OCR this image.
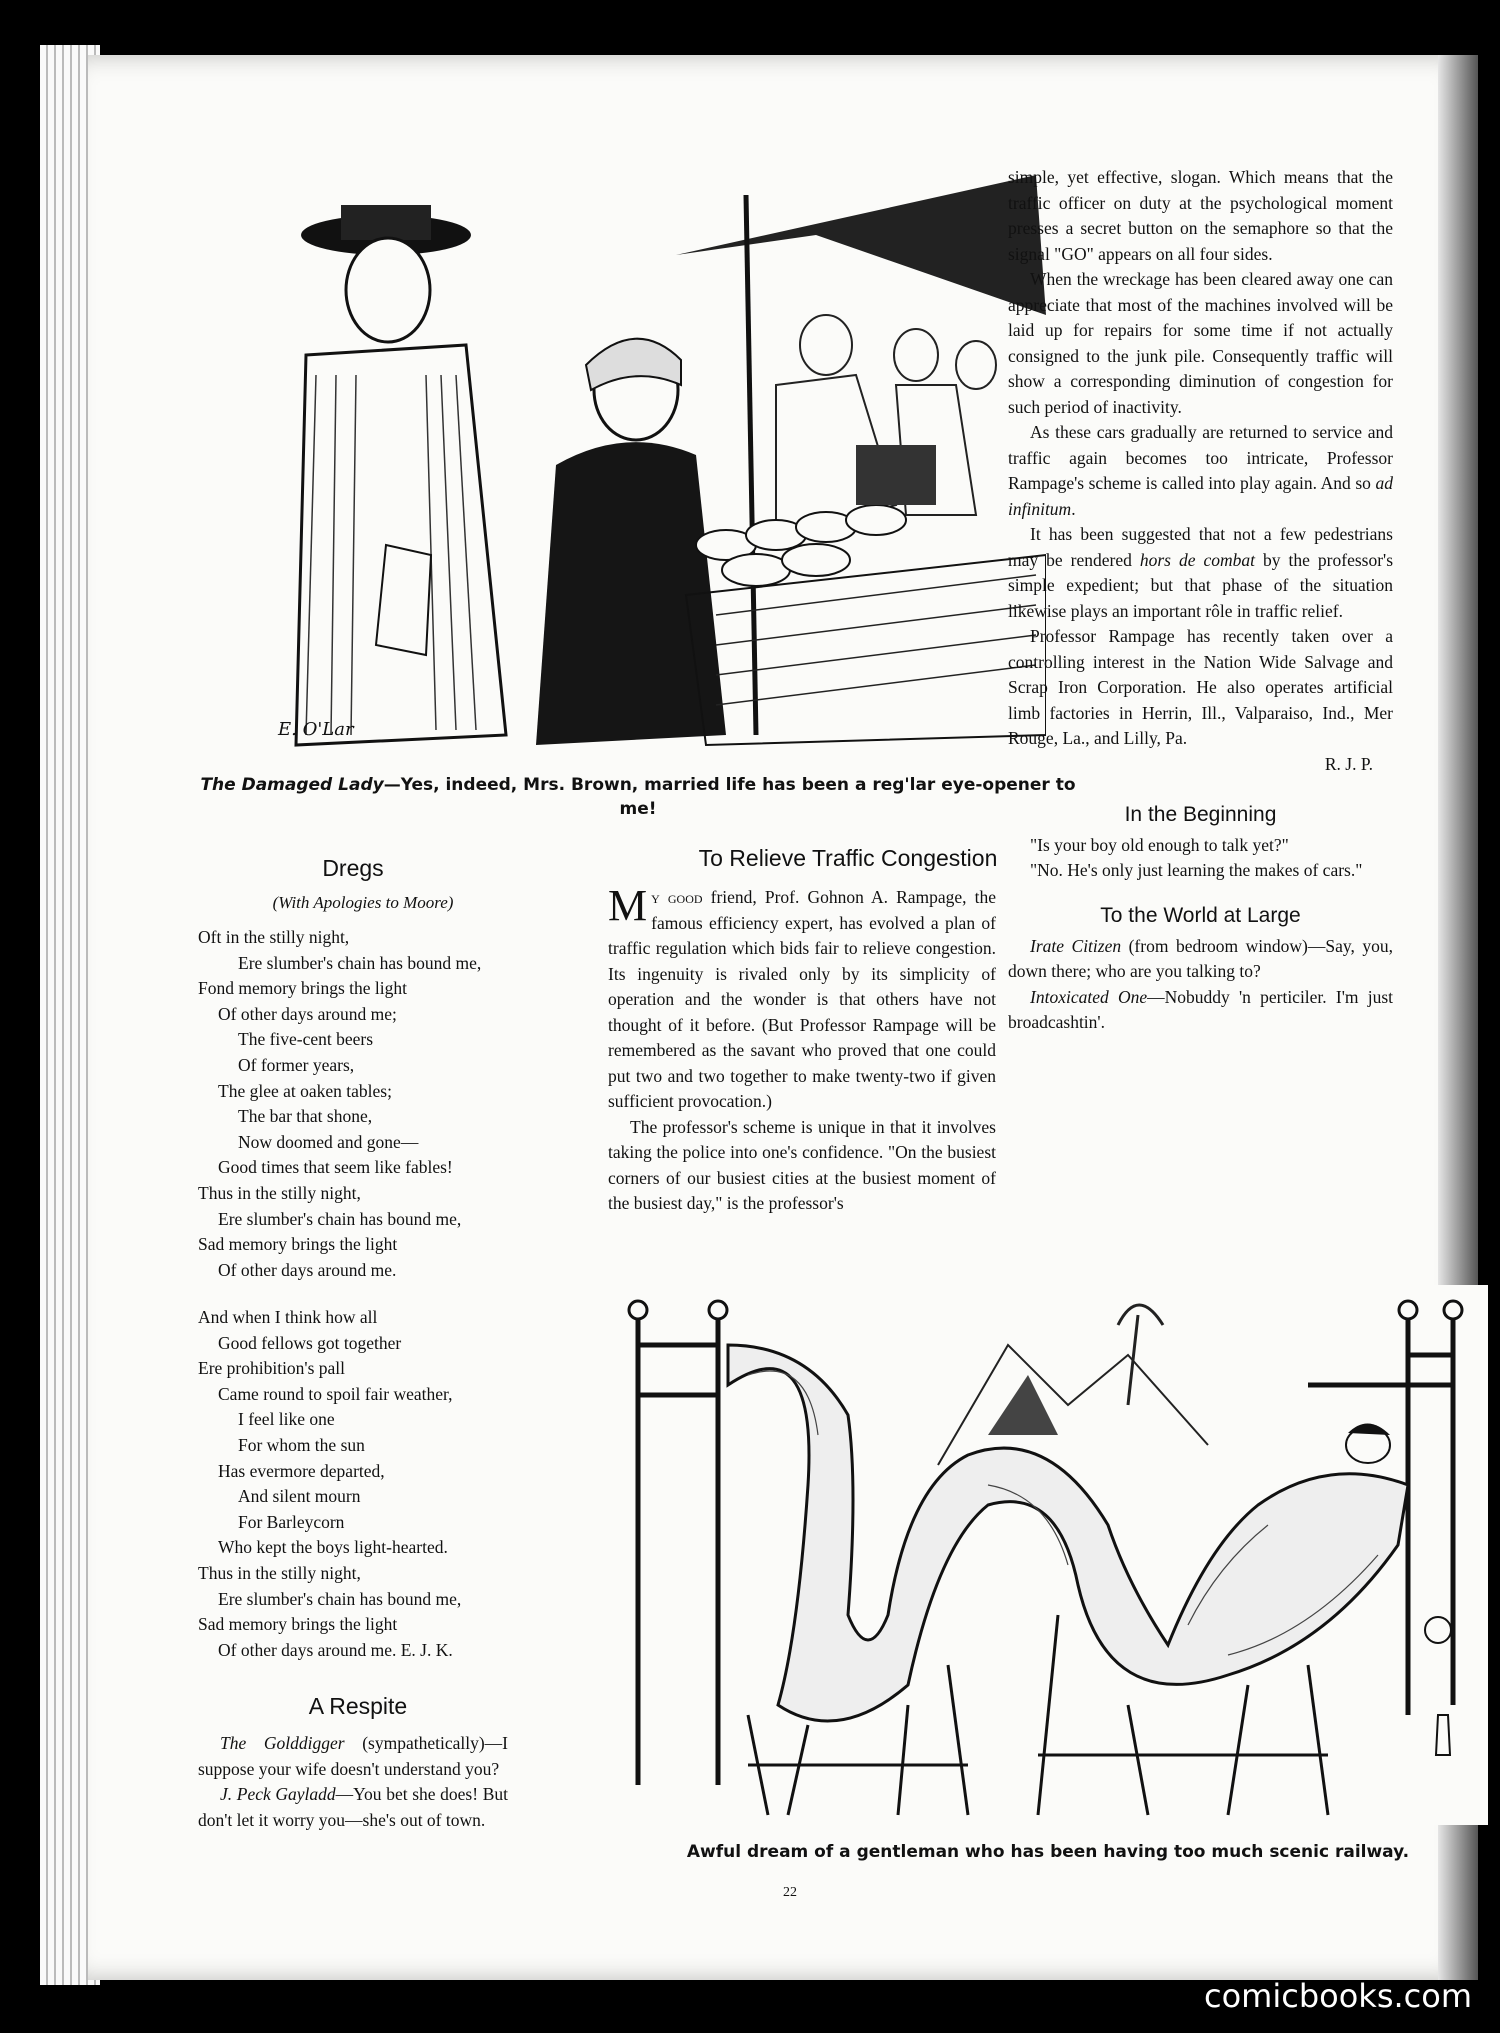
E. O'Lar
The Damaged Lady—Yes, indeed, Mrs. Brown, married life has been a reg'lar eye-opener to me!
Dregs
(With Apologies to Moore)
Oft in the stilly night,
Ere slumber's chain has bound me,
Fond memory brings the light
Of other days around me;
The five-cent beers
Of former years,
The glee at oaken tables;
The bar that shone,
Now doomed and gone—
Good times that seem like fables!
Thus in the stilly night,
Ere slumber's chain has bound me,
Sad memory brings the light
Of other days around me.
And when I think how all
Good fellows got together
Ere prohibition's pall
Came round to spoil fair weather,
I feel like one
For whom the sun
Has evermore departed,
And silent mourn
For Barleycorn
Who kept the boys light-hearted.
Thus in the stilly night,
Ere slumber's chain has bound me,
Sad memory brings the light
Of other days around me. E. J. K.
A Respite

The Golddigger (sympathetically)—I suppose your wife doesn't understand you?

J. Peck Gayladd—You bet she does! But don't let it worry you—she's out of town.

To Relieve Traffic Congestion

My good friend, Prof. Gohnon A. Rampage, the famous efficiency expert, has evolved a plan of traffic regulation which bids fair to relieve congestion. Its ingenuity is rivaled only by its simplicity of operation and the wonder is that others have not thought of it before. (But Professor Rampage will be remembered as the savant who proved that one could put two and two together to make twenty-two if given sufficient provocation.)

The professor's scheme is unique in that it involves taking the police into one's confidence. "On the busiest corners of our busiest cities at the busiest moment of the busiest day," is the professor's

simple, yet effective, slogan. Which means that the traffic officer on duty at the psychological moment presses a secret button on the semaphore so that the signal "GO" appears on all four sides.

When the wreckage has been cleared away one can appreciate that most of the machines involved will be laid up for repairs for some time if not actually consigned to the junk pile. Consequently traffic will show a corresponding diminution of congestion for such period of inactivity.

As these cars gradually are returned to service and traffic again becomes too intricate, Professor Rampage's scheme is called into play again. And so ad infinitum.

It has been suggested that not a few pedestrians may be rendered hors de combat by the professor's simple expedient; but that phase of the situation likewise plays an important rôle in traffic relief.

Professor Rampage has recently taken over a controlling interest in the Nation Wide Salvage and Scrap Iron Corporation. He also operates artificial limb factories in Herrin, Ill., Valparaiso, Ind., Mer Rouge, La., and Lilly, Pa.

R. J. P.
In the Beginning

"Is your boy old enough to talk yet?"

"No. He's only just learning the makes of cars."

To the World at Large

Irate Citizen (from bedroom window)—Say, you, down there; who are you talking to?

Intoxicated One—Nobuddy 'n perticiler. I'm just broadcashtin'.

Awful dream of a gentleman who has been having too much scenic railway.
22
comicbooks.com
